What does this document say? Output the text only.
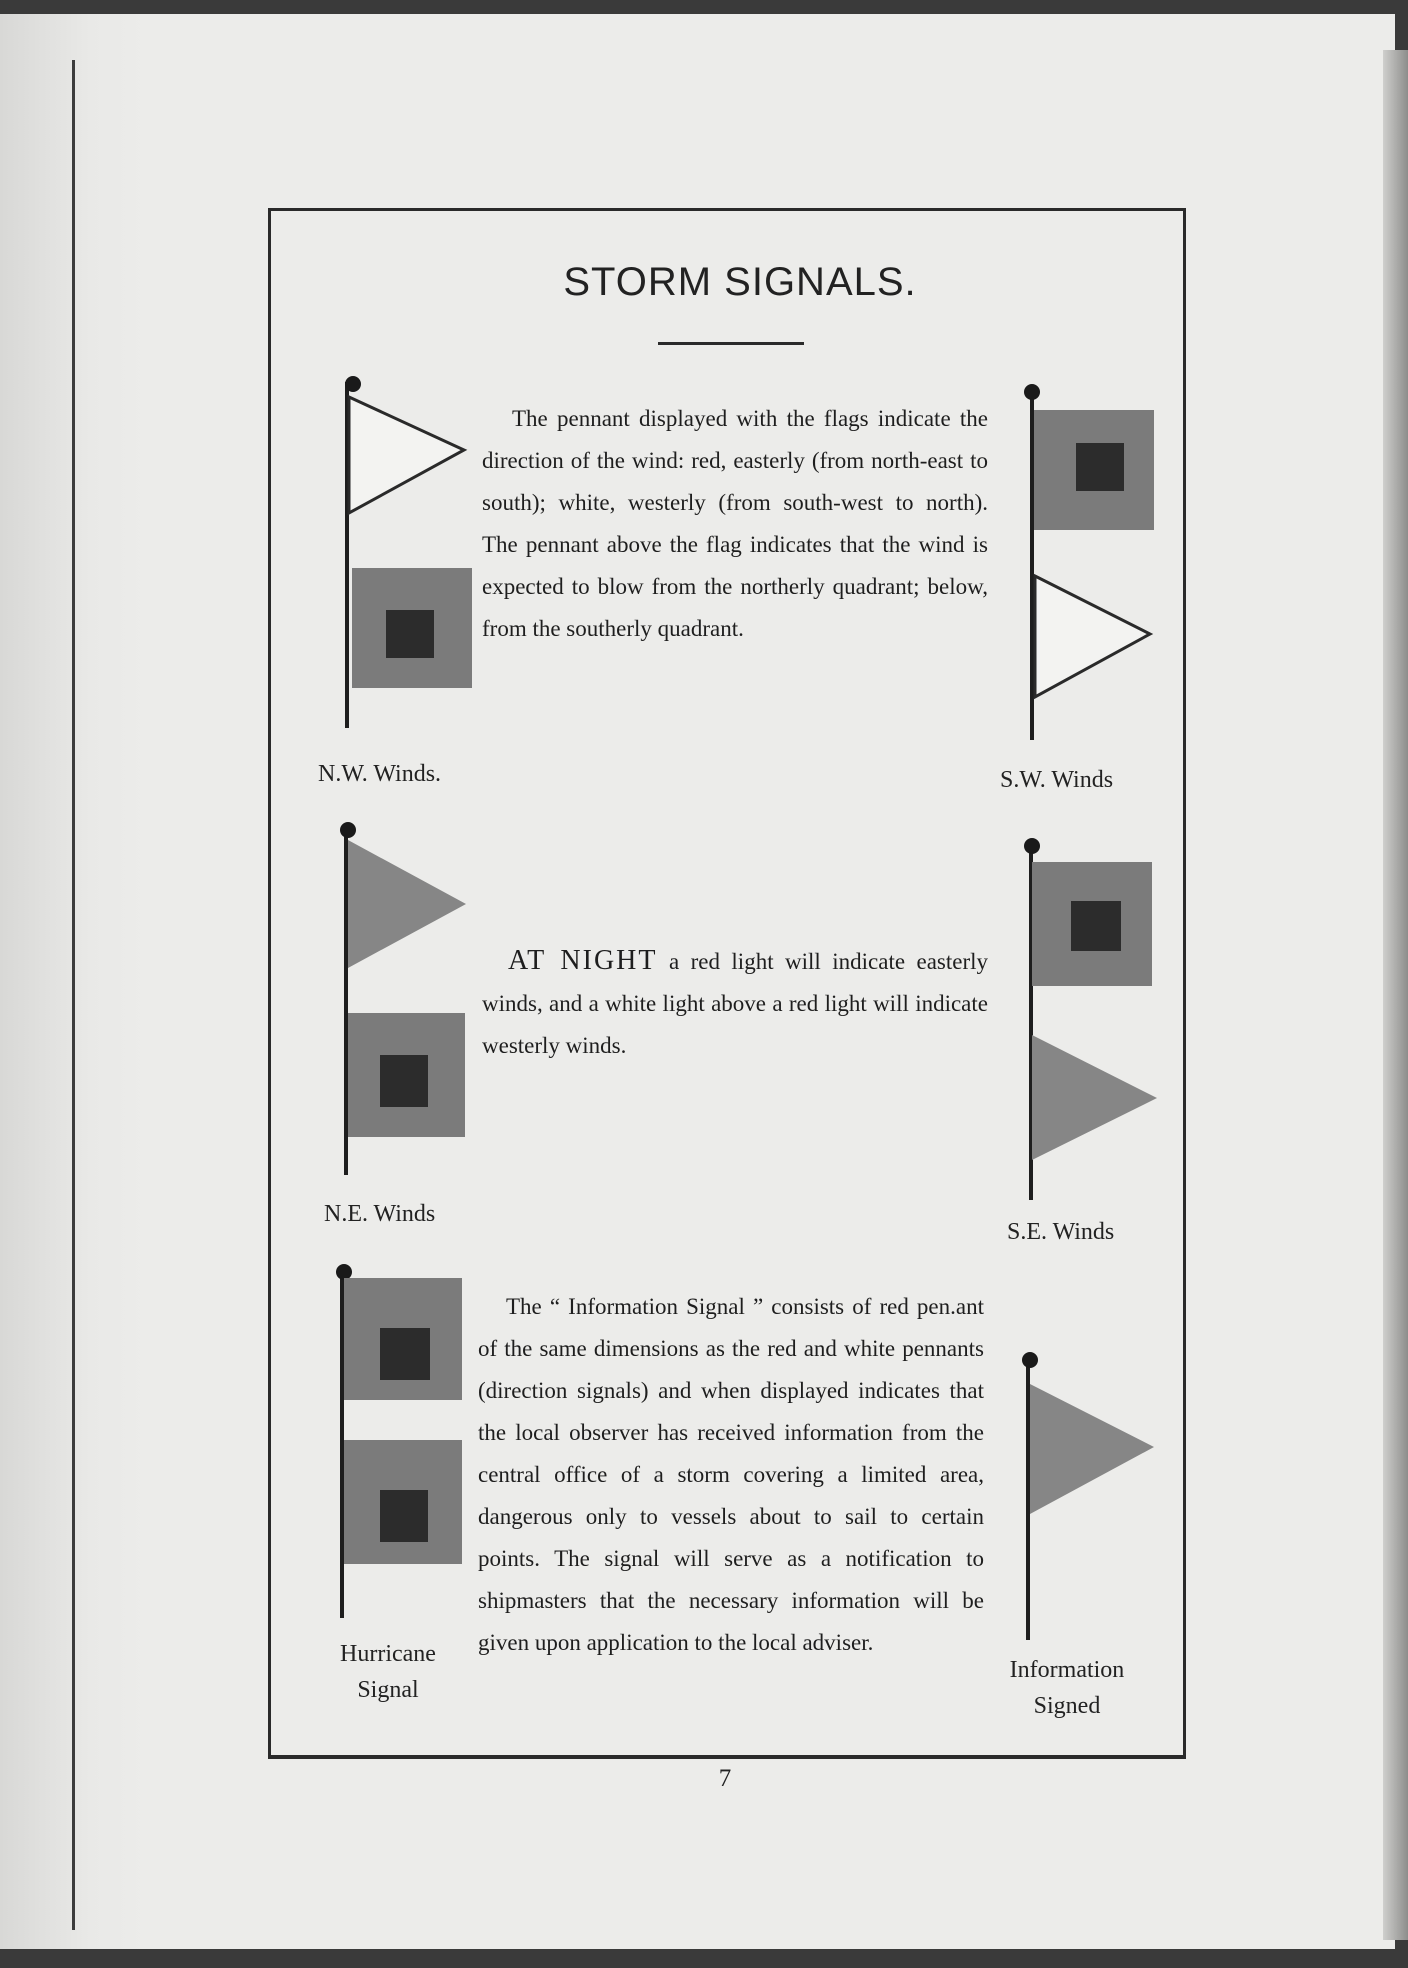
STORM SIGNALS.
The pennant displayed with the flags indicate the direction of the wind: red, easterly (from north-east to south); white, westerly (from south-west to north). The pennant above the flag indicates that the wind is expected to blow from the northerly quadrant; below, from the southerly quadrant.
AT NIGHT a red light will indicate easterly winds, and a white light above a red light will indicate westerly winds.
The “ Information Signal ” consists of red pen.ant of the same dimensions as the red and white pennants (direction signals) and when displayed indicates that the local observer has received information from the central office of a storm covering a limited area, dangerous only to vessels about to sail to certain points. The signal will serve as a notification to shipmasters that the necessary information will be given upon application to the local adviser.
N.W. Winds.	S.W. Winds
N.E. Winds
S.E. Winds
Hurricane
Signal
Information
Signed
7
